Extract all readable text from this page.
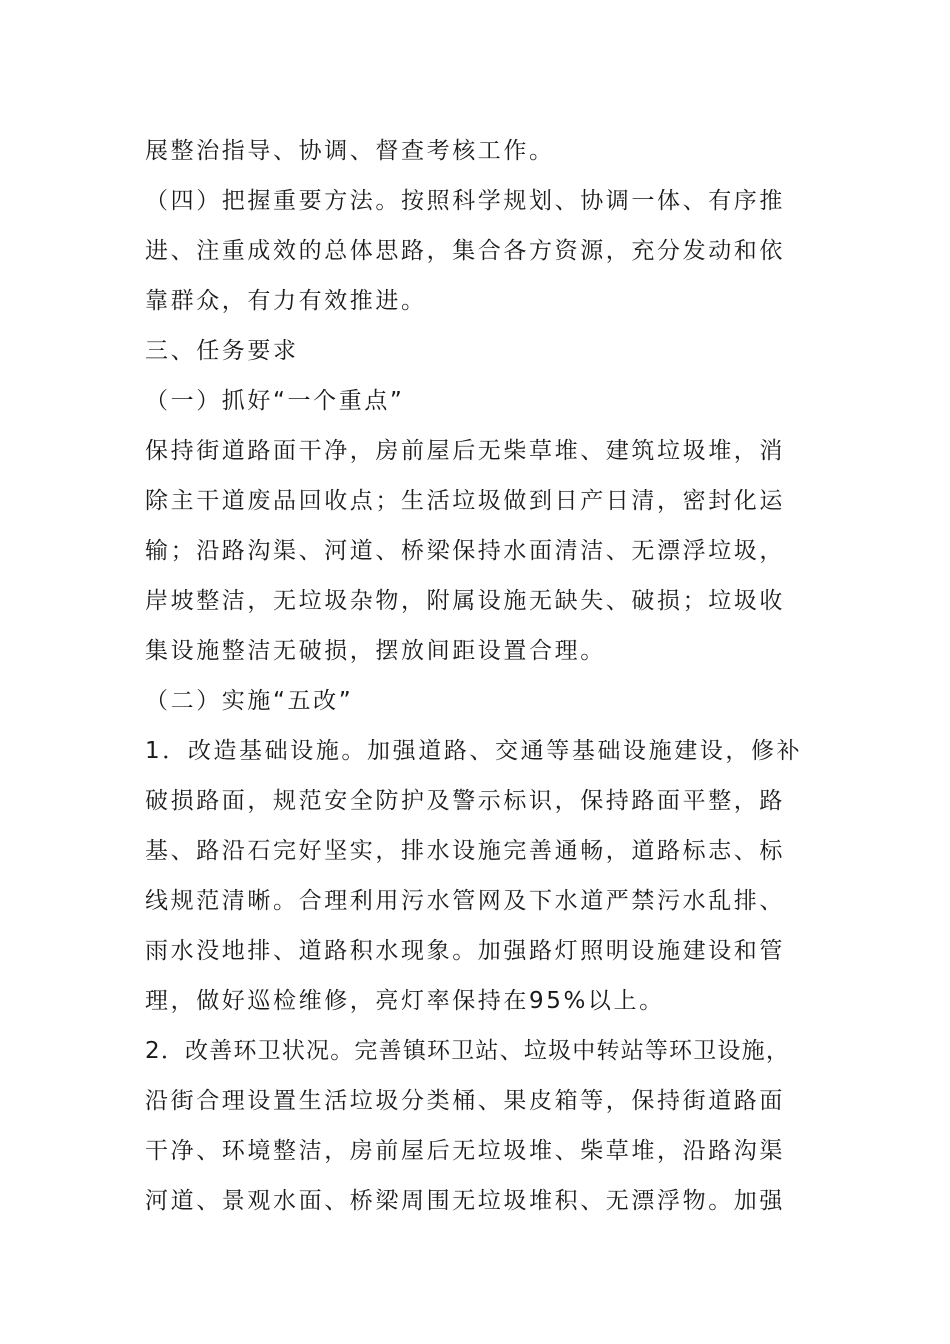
展整治指导、协调、督查考核工作。
（四）把握重要方法。按照科学规划、协调一体、有序推
进、注重成效的总体思路，集合各方资源，充分发动和依
靠群众，有力有效推进。
三、任务要求
（一）抓好“一个重点”
保持街道路面干净，房前屋后无柴草堆、建筑垃圾堆，消
除主干道废品回收点；生活垃圾做到日产日清，密封化运
输；沿路沟渠、河道、桥梁保持水面清洁、无漂浮垃圾，
岸坡整洁，无垃圾杂物，附属设施无缺失、破损；垃圾收
集设施整洁无破损，摆放间距设置合理。
（二）实施“五改”
1．改造基础设施。加强道路、交通等基础设施建设，修补
破损路面，规范安全防护及警示标识，保持路面平整，路
基、路沿石完好坚实，排水设施完善通畅，道路标志、标
线规范清晰。合理利用污水管网及下水道严禁污水乱排、
雨水没地排、道路积水现象。加强路灯照明设施建设和管
理，做好巡检维修，亮灯率保持在95%以上。
2．改善环卫状况。完善镇环卫站、垃圾中转站等环卫设施，
沿街合理设置生活垃圾分类桶、果皮箱等，保持街道路面
干净、环境整洁，房前屋后无垃圾堆、柴草堆，沿路沟渠
河道、景观水面、桥梁周围无垃圾堆积、无漂浮物。加强
